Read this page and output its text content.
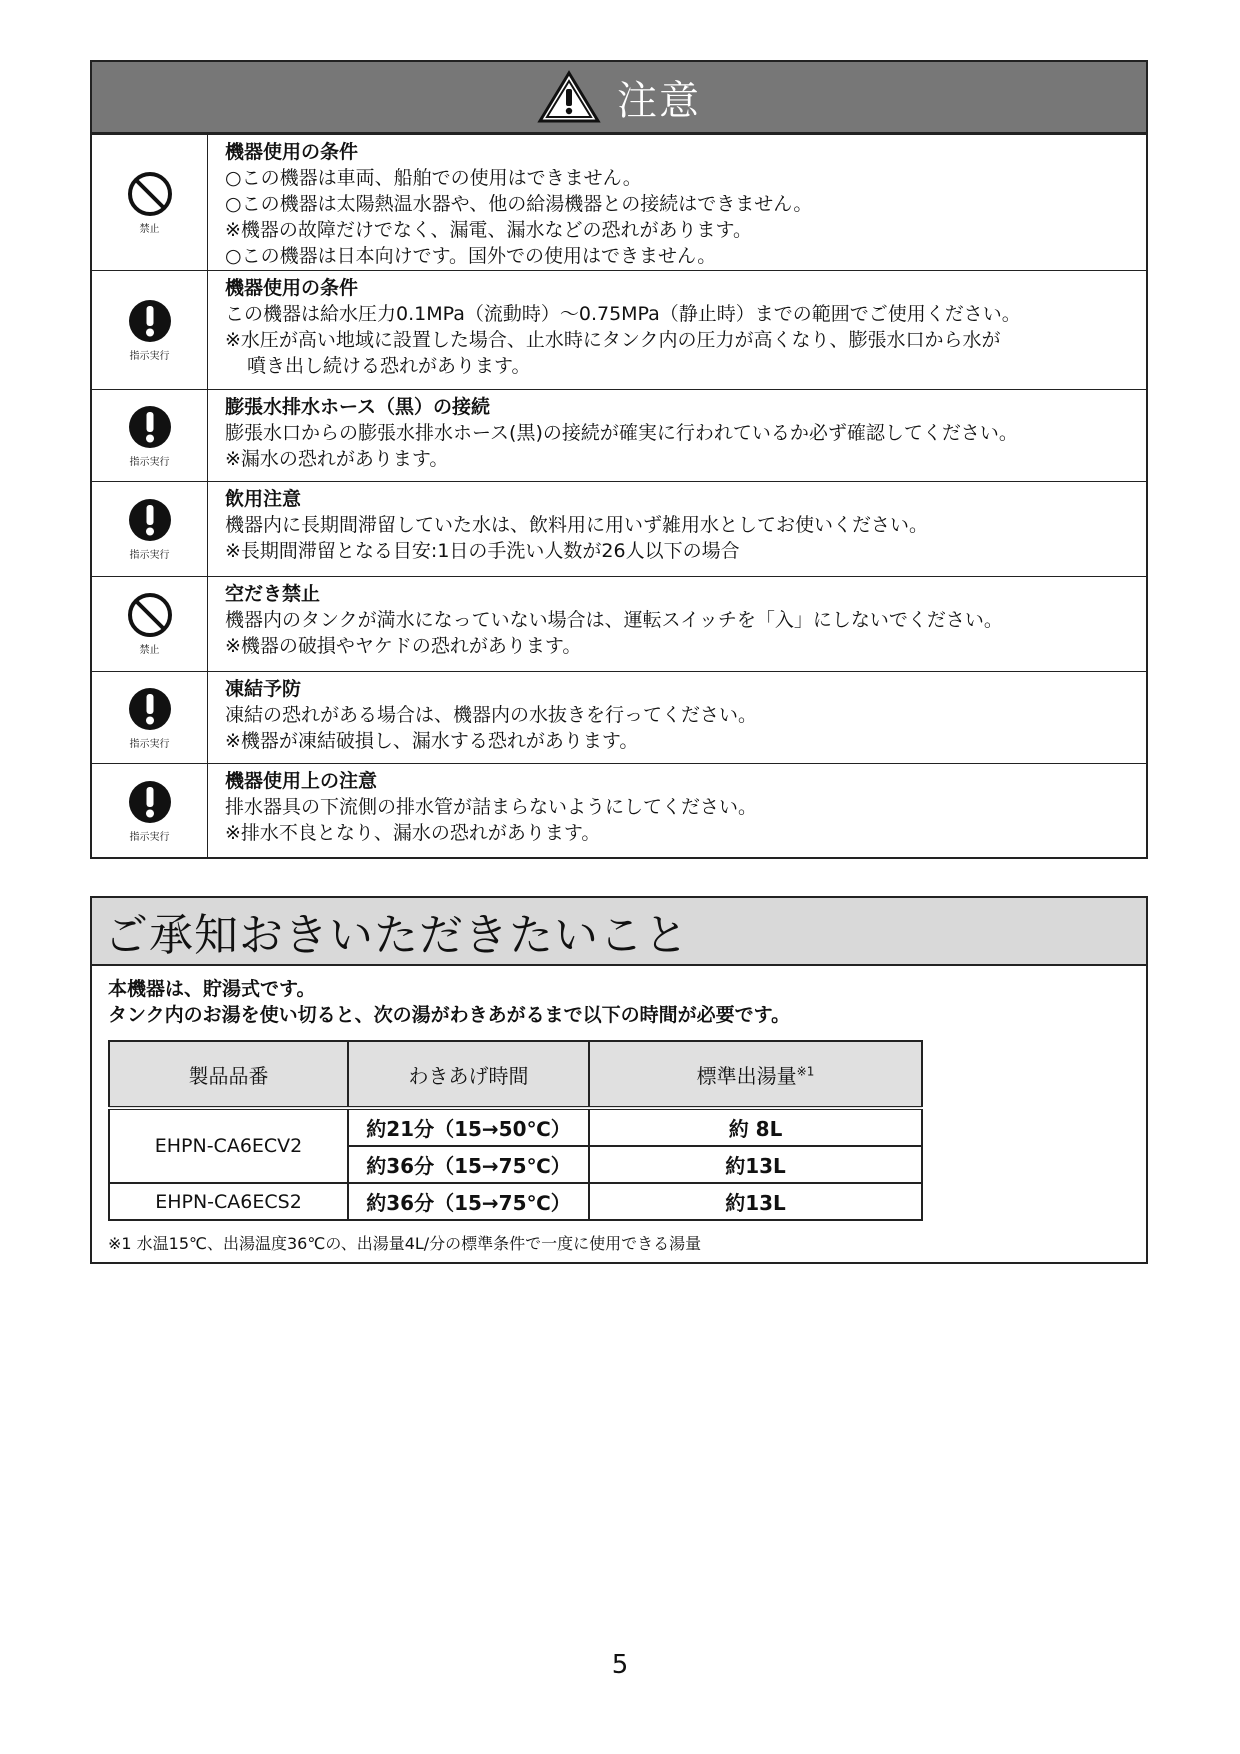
注意
禁止
機器使用の条件
○この機器は車両、船舶での使用はできません。
○この機器は太陽熱温水器や、他の給湯機器との接続はできません。
※機器の故障だけでなく、漏電、漏水などの恐れがあります。
○この機器は日本向けです。国外での使用はできません。
指示実行
機器使用の条件
この機器は給水圧力0.1MPa（流動時）～0.75MPa（静止時）までの範囲でご使用ください。
※水圧が高い地域に設置した場合、止水時にタンク内の圧力が高くなり、膨張水口から水が
噴き出し続ける恐れがあります。
指示実行
膨張水排水ホース（黒）の接続
膨張水口からの膨張水排水ホース(黒)の接続が確実に行われているか必ず確認してください。
※漏水の恐れがあります。
指示実行
飲用注意
機器内に長期間滞留していた水は、飲料用に用いず雑用水としてお使いください。
※長期間滞留となる目安:1日の手洗い人数が26人以下の場合
禁止
空だき禁止
機器内のタンクが満水になっていない場合は、運転スイッチを「入」にしないでください。
※機器の破損やヤケドの恐れがあります。
指示実行
凍結予防
凍結の恐れがある場合は、機器内の水抜きを行ってください。
※機器が凍結破損し、漏水する恐れがあります。
指示実行
機器使用上の注意
排水器具の下流側の排水管が詰まらないようにしてください。
※排水不良となり、漏水の恐れがあります。
ご承知おきいただきたいこと
本機器は、貯湯式です。
タンク内のお湯を使い切ると、次の湯がわきあがるまで以下の時間が必要です。
製品品番	わきあげ時間	標準出湯量$^{※1}$
EHPN-CA6ECV2	約21分（15→50℃）	約 8L
	約36分（15→75℃）	約13L
EHPN-CA6ECS2	約36分（15→75℃）	約13L
※1 水温15℃、出湯温度36℃の、出湯量4L/分の標準条件で一度に使用できる湯量
5
